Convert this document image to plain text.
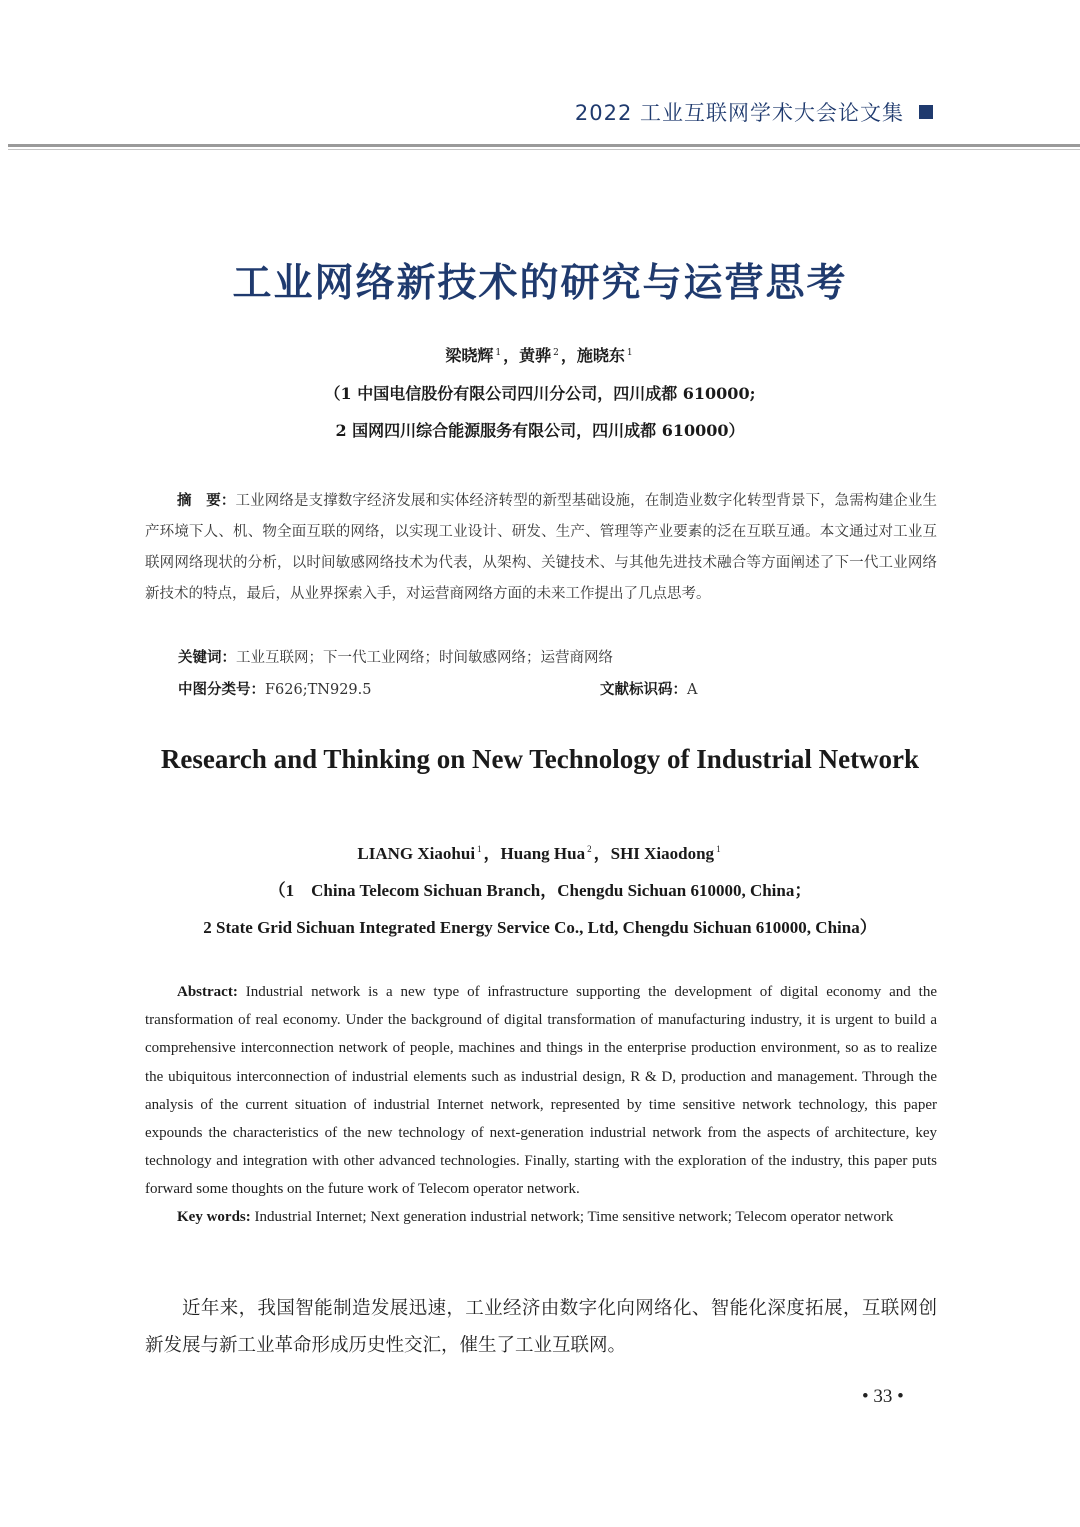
2022 工业互联网学术大会论文集
工业网络新技术的研究与运营思考
梁晓辉 $^1$ ，黄骅 $^2$ ，施晓东 $^1$
（1 中国电信股份有限公司四川分公司，四川成都 610000;
2 国网四川综合能源服务有限公司，四川成都 610000）
摘　要：工业网络是支撑数字经济发展和实体经济转型的新型基础设施，在制造业数字化转型背景下，急需构建企业生产环境下人、机、物全面互联的网络，以实现工业设计、研发、生产、管理等产业要素的泛在互联互通。本文通过对工业互联网网络现状的分析，以时间敏感网络技术为代表，从架构、关键技术、与其他先进技术融合等方面阐述了下一代工业网络新技术的特点，最后，从业界探索入手，对运营商网络方面的未来工作提出了几点思考。
关键词：工业互联网；下一代工业网络；时间敏感网络；运营商网络
中图分类号：F626;TN929.5	文献标识码：A
Research and Thinking on New Technology of Industrial Network
LIANG Xiaohui $^1$ ，Huang Hua $^2$ ，SHI Xiaodong $^1$
（1　China Telecom Sichuan Branch，Chengdu Sichuan 610000, China；
2 State Grid Sichuan Integrated Energy Service Co., Ltd, Chengdu Sichuan 610000, China）
Abstract: Industrial network is a new type of infrastructure supporting the development of digital economy and the transformation of real economy. Under the background of digital transformation of manufacturing industry, it is urgent to build a comprehensive interconnection network of people, machines and things in the enterprise production environment, so as to realize the ubiquitous interconnection of industrial elements such as industrial design, R & D, production and management. Through the analysis of the current situation of industrial Internet network, represented by time sensitive network technology, this paper expounds the characteristics of the new technology of next-generation industrial network from the aspects of architecture, key technology and integration with other advanced technologies. Finally, starting with the exploration of the industry, this paper puts forward some thoughts on the future work of Telecom operator network.
Key words: Industrial Internet; Next generation industrial network; Time sensitive network; Telecom operator network
近年来，我国智能制造发展迅速，工业经济由数字化向网络化、智能化深度拓展，互联网创新发展与新工业革命形成历史性交汇，催生了工业互联网。
• 33 •
